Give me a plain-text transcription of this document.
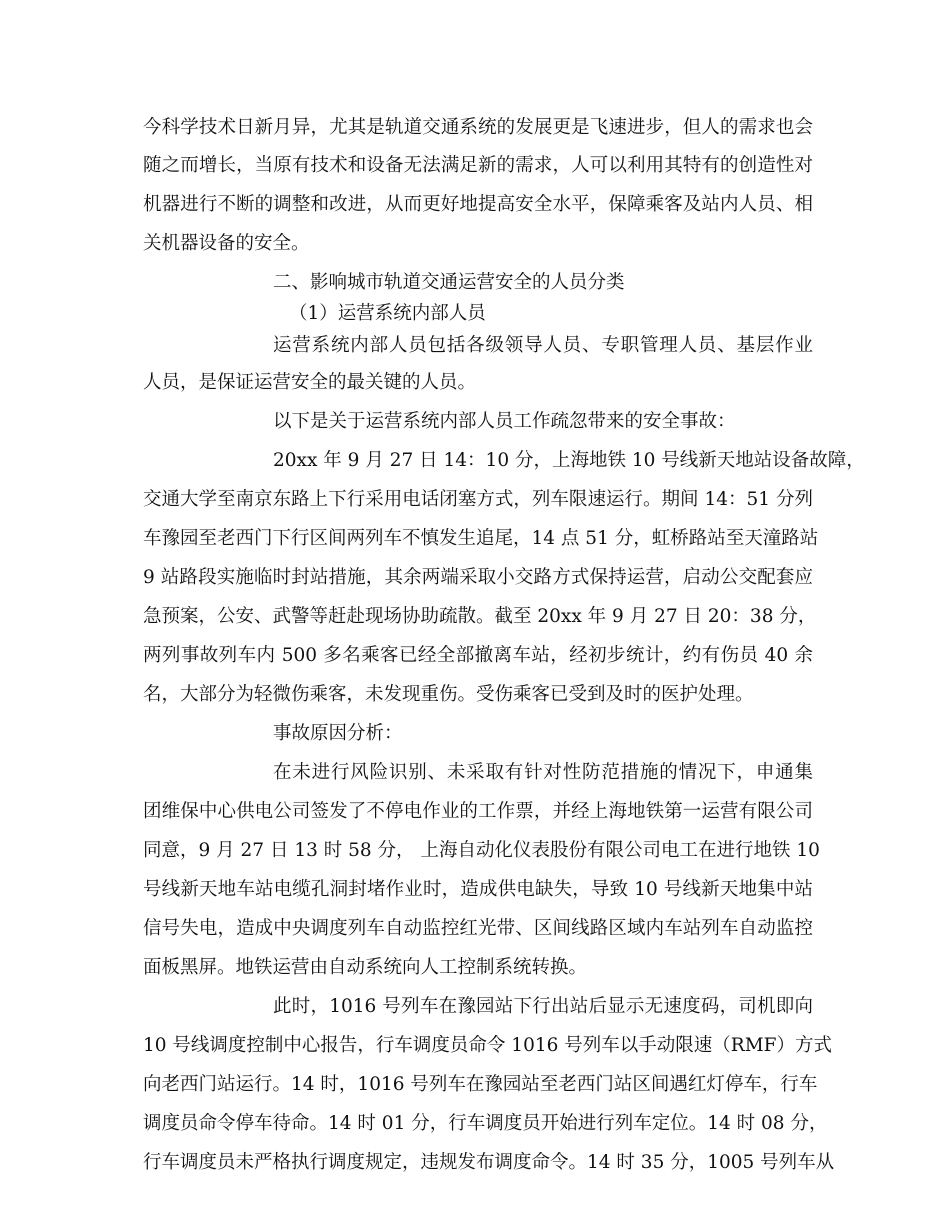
今科学技术日新月异，尤其是轨道交通系统的发展更是飞速进步，但人的需求也会
随之而增长，当原有技术和设备无法满足新的需求，人可以利用其特有的创造性对
机器进行不断的调整和改进，从而更好地提高安全水平，保障乘客及站内人员、相
关机器设备的安全。
二、影响城市轨道交通运营安全的人员分类
（1）运营系统内部人员
运营系统内部人员包括各级领导人员、专职管理人员、基层作业
人员，是保证运营安全的最关键的人员。
以下是关于运营系统内部人员工作疏忽带来的安全事故：
20xx 年 9 月 27 日 14：10 分，上海地铁 10 号线新天地站设备故障，
交通大学至南京东路上下行采用电话闭塞方式，列车限速运行。期间 14：51 分列
车豫园至老西门下行区间两列车不慎发生追尾，14 点 51 分，虹桥路站至天潼路站
9 站路段实施临时封站措施，其余两端采取小交路方式保持运营，启动公交配套应
急预案，公安、武警等赶赴现场协助疏散。截至 20xx 年 9 月 27 日 20：38 分，
两列事故列车内 500 多名乘客已经全部撤离车站，经初步统计，约有伤员 40 余
名，大部分为轻微伤乘客，未发现重伤。受伤乘客已受到及时的医护处理。
事故原因分析：
在未进行风险识别、未采取有针对性防范措施的情况下，申通集
团维保中心供电公司签发了不停电作业的工作票，并经上海地铁第一运营有限公司
同意，9 月 27 日 13 时 58 分， 上海自动化仪表股份有限公司电工在进行地铁 10
号线新天地车站电缆孔洞封堵作业时，造成供电缺失，导致 10 号线新天地集中站
信号失电，造成中央调度列车自动监控红光带、区间线路区域内车站列车自动监控
面板黑屏。地铁运营由自动系统向人工控制系统转换。
此时，1016 号列车在豫园站下行出站后显示无速度码，司机即向
10 号线调度控制中心报告，行车调度员命令 1016 号列车以手动限速（RMF）方式
向老西门站运行。14 时，1016 号列车在豫园站至老西门站区间遇红灯停车，行车
调度员命令停车待命。14 时 01 分，行车调度员开始进行列车定位。14 时 08 分，
行车调度员未严格执行调度规定，违规发布调度命令。14 时 35 分，1005 号列车从
